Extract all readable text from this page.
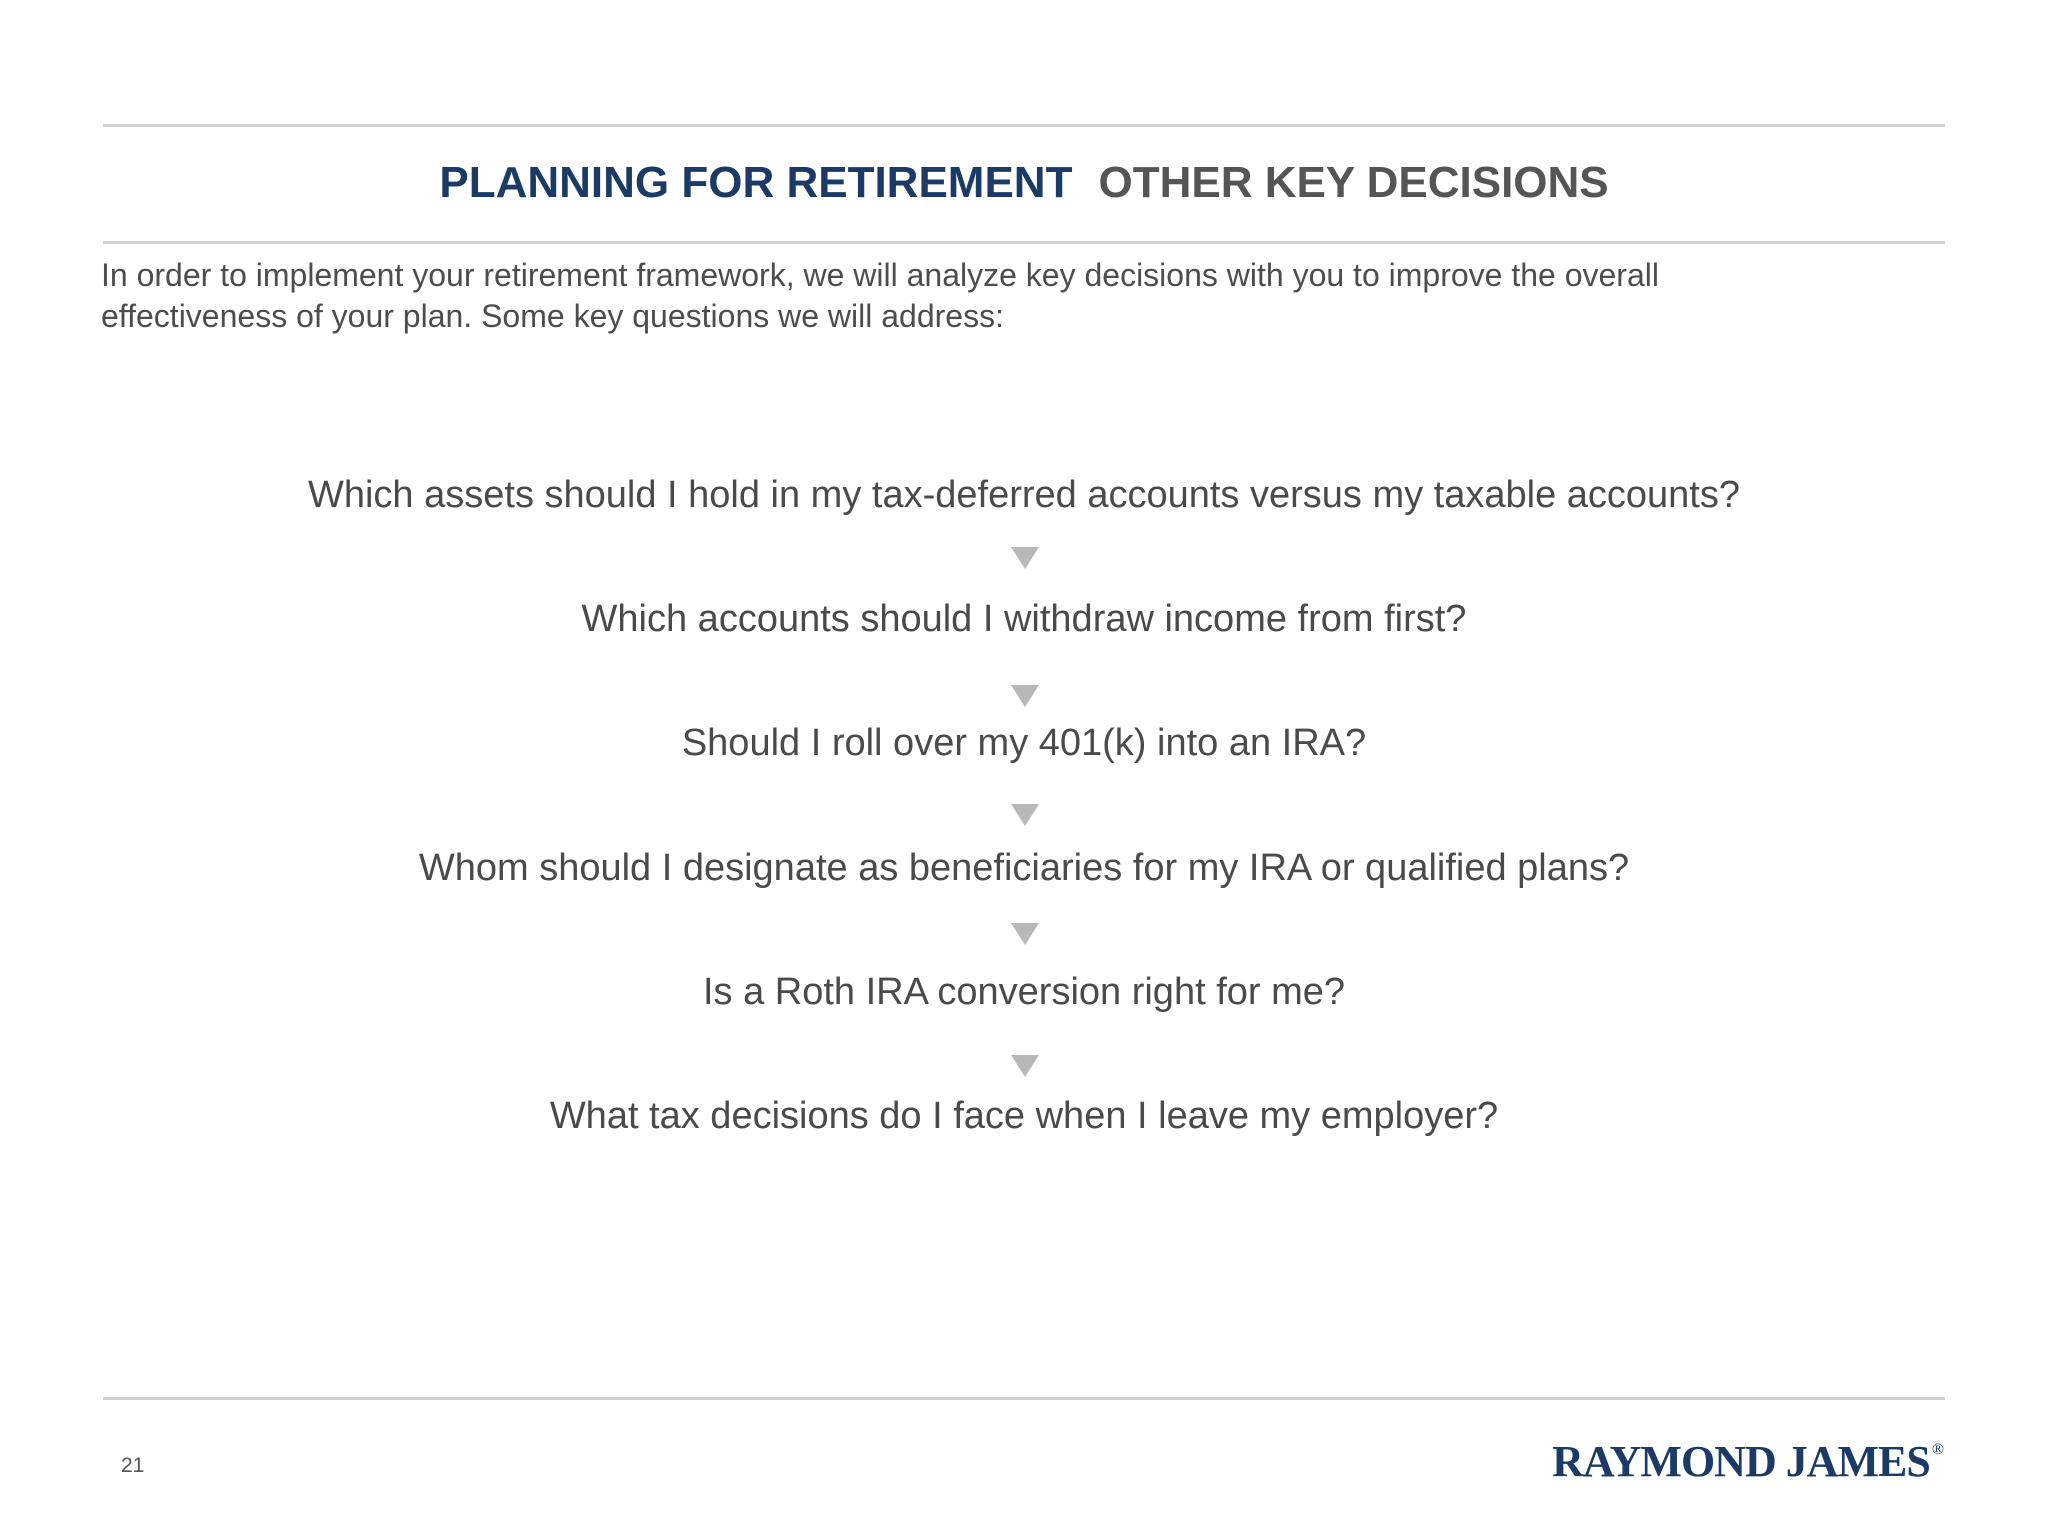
PLANNING FOR RETIREMENT OTHER KEY DECISIONS
In order to implement your retirement framework, we will analyze key decisions with you to improve the overall
effectiveness of your plan. Some key questions we will address:
Which assets should I hold in my tax-deferred accounts versus my taxable accounts?
Which accounts should I withdraw income from first?
Should I roll over my 401(k) into an IRA?
Whom should I designate as beneficiaries for my IRA or qualified plans?
Is a Roth IRA conversion right for me?
What tax decisions do I face when I leave my employer?
21	RAYMOND JAMES ®
